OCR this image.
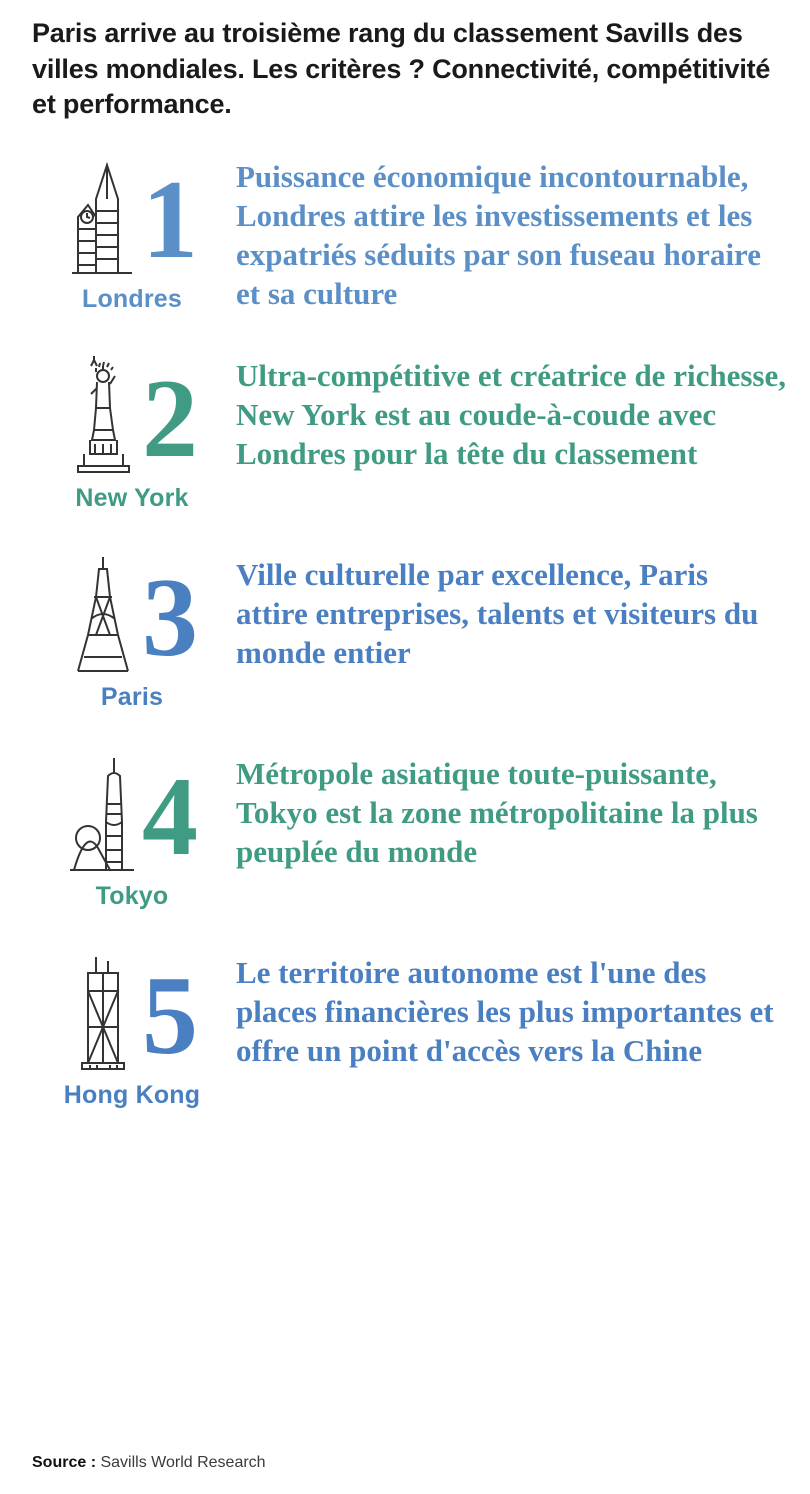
Paris arrive au troisième rang du classement Savills des villes mondiales. Les critères ? Connectivité, compétitivité et performance.
1
Londres
Puissance économique incontournable, Londres attire les investissements et les expatriés séduits par son fuseau horaire et sa culture
2
New York
Ultra-compétitive et créatrice de richesse, New York est au coude-à-coude avec Londres pour la tête du classement
3
Paris
Ville culturelle par excellence, Paris attire entreprises, talents et visiteurs du monde entier
4
Tokyo
Métropole asiatique toute-puissante, Tokyo est la zone métropolitaine la plus peuplée du monde
5
Hong Kong
Le territoire autonome est l'une des places financières les plus importantes et offre un point d'accès vers la Chine
Source : Savills World Research
